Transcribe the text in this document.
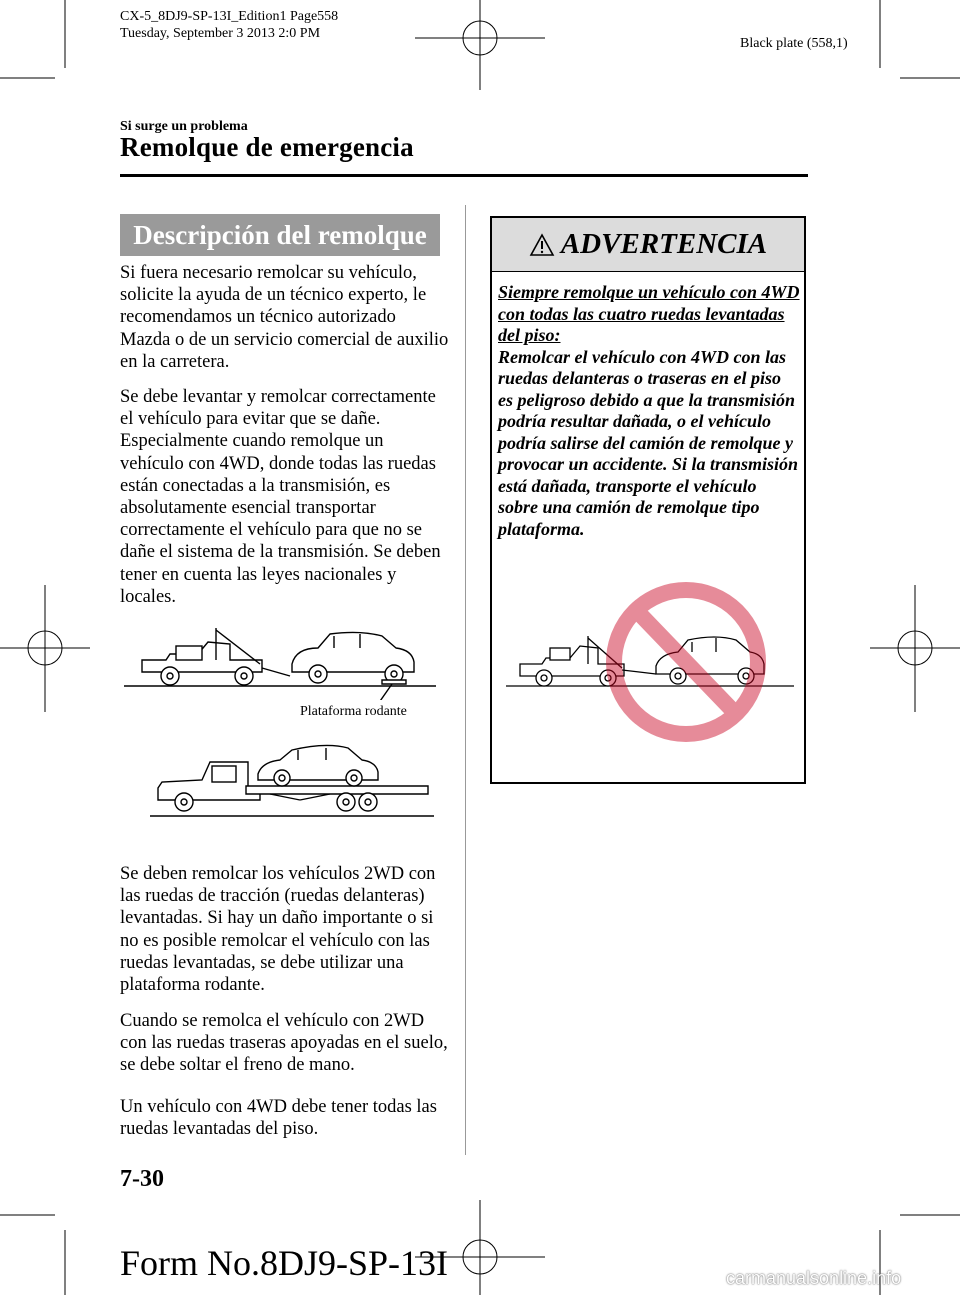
CX-5_8DJ9-SP-13I_Edition1 Page558
Tuesday, September 3 2013 2:0 PM
Black plate (558,1)
Si surge un problema
Remolque de emergencia
Descripción del remolque
Si fuera necesario remolcar su vehículo, solicite la ayuda de un técnico experto, le recomendamos un técnico autorizado Mazda o de un servicio comercial de auxilio en la carretera.
Se debe levantar y remolcar correctamente el vehículo para evitar que se dañe. Especialmente cuando remolque un vehículo con 4WD, donde todas las ruedas están conectadas a la transmisión, es absolutamente esencial transportar correctamente el vehículo para que no se dañe el sistema de la transmisión. Se deben tener en cuenta las leyes nacionales y locales.
Plataforma rodante
Se deben remolcar los vehículos 2WD con las ruedas de tracción (ruedas delanteras) levantadas. Si hay un daño importante o si no es posible remolcar el vehículo con las ruedas levantadas, se debe utilizar una plataforma rodante.
Cuando se remolca el vehículo con 2WD con las ruedas traseras apoyadas en el suelo, se debe soltar el freno de mano.
Un vehículo con 4WD debe tener todas las ruedas levantadas del piso.
ADVERTENCIA
Siempre remolque un vehículo con 4WD con todas las cuatro ruedas levantadas del piso:
Remolcar el vehículo con 4WD con las ruedas delanteras o traseras en el piso es peligroso debido a que la transmisión podría resultar dañada, o el vehículo podría salirse del camión de remolque y provocar un accidente. Si la transmisión está dañada, transporte el vehículo sobre una camión de remolque tipo plataforma.
7-30
Form No.8DJ9-SP-13I	carmanualsonline.info
